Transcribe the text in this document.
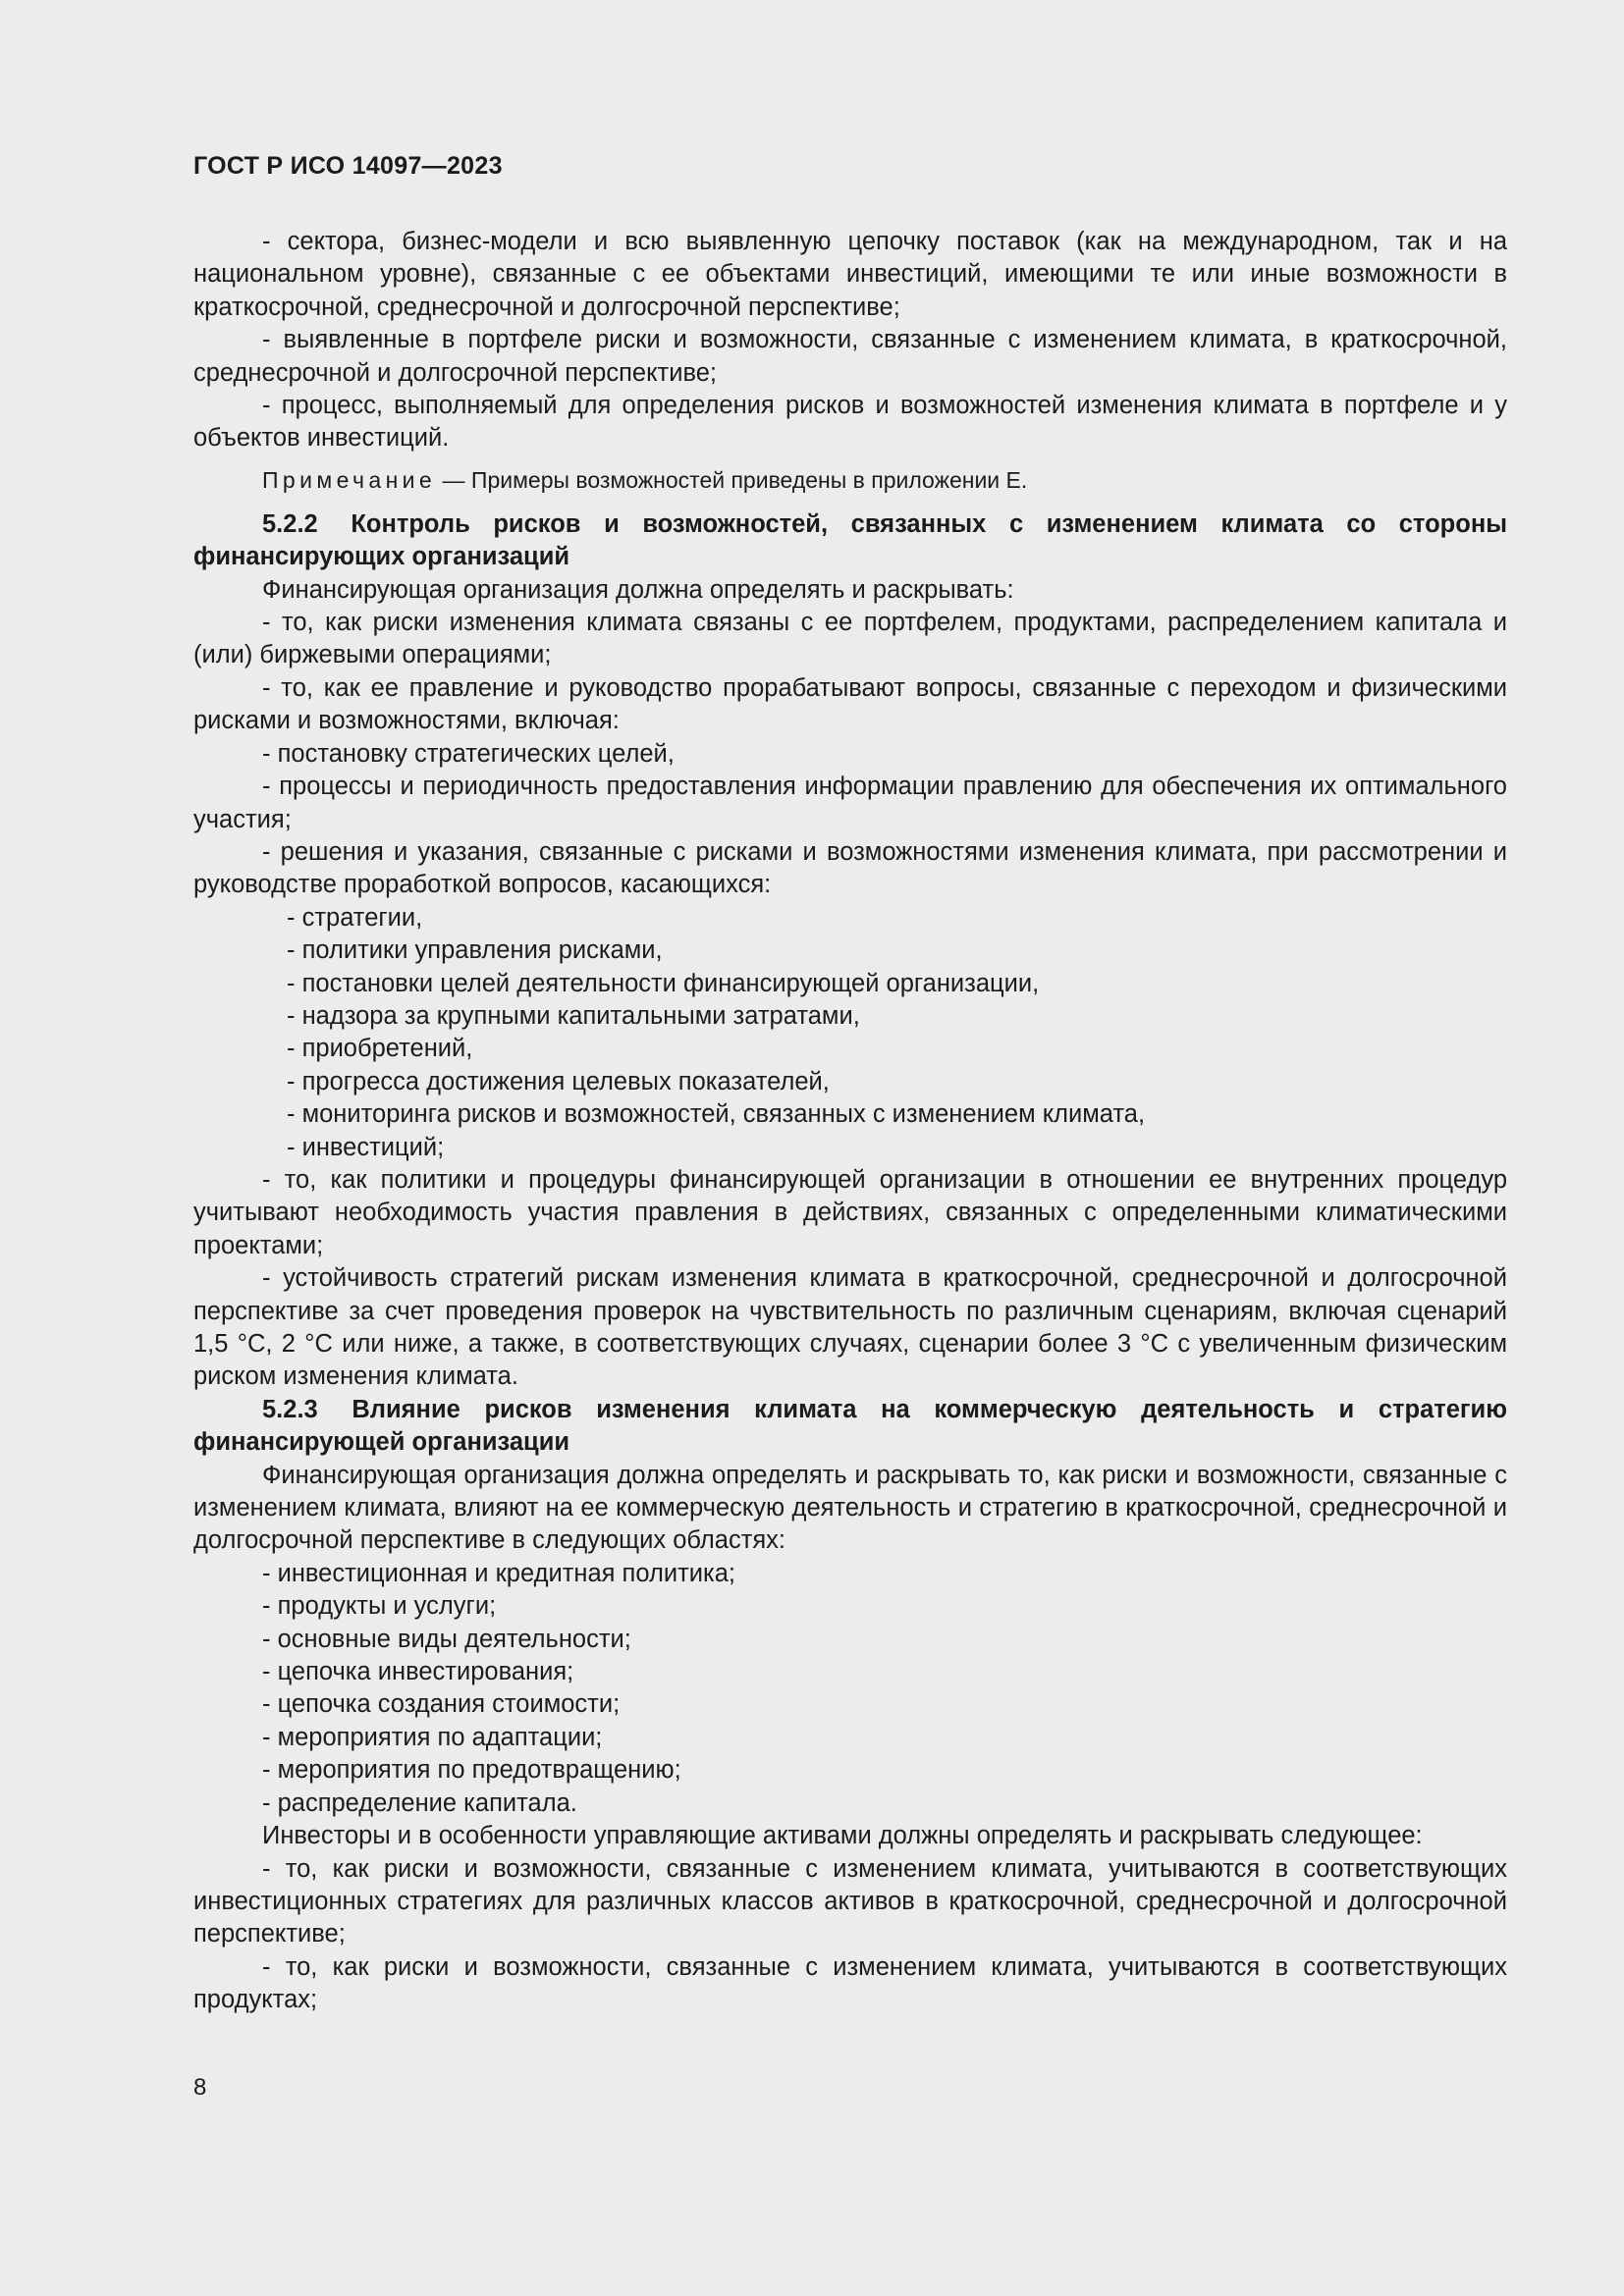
ГОСТ Р ИСО 14097—2023

- сектора, бизнес-модели и всю выявленную цепочку поставок (как на международном, так и на национальном уровне), связанные с ее объектами инвестиций, имеющими те или иные возможности в краткосрочной, среднесрочной и долгосрочной перспективе;

- выявленные в портфеле риски и возможности, связанные с изменением климата, в краткосрочной, среднесрочной и долгосрочной перспективе;

- процесс, выполняемый для определения рисков и возможностей изменения климата в портфеле и у объектов инвестиций.

Примечание — Примеры возможностей приведены в приложении Е.

5.2.2 Контроль рисков и возможностей, связанных с изменением климата со стороны финансирующих организаций

Финансирующая организация должна определять и раскрывать:

- то, как риски изменения климата связаны с ее портфелем, продуктами, распределением капитала и (или) биржевыми операциями;

- то, как ее правление и руководство прорабатывают вопросы, связанные с переходом и физическими рисками и возможностями, включая:

- постановку стратегических целей,

- процессы и периодичность предоставления информации правлению для обеспечения их оптимального участия;

- решения и указания, связанные с рисками и возможностями изменения климата, при рассмотрении и руководстве проработкой вопросов, касающихся:

- стратегии,

- политики управления рисками,

- постановки целей деятельности финансирующей организации,

- надзора за крупными капитальными затратами,

- приобретений,

- прогресса достижения целевых показателей,

- мониторинга рисков и возможностей, связанных с изменением климата,

- инвестиций;

- то, как политики и процедуры финансирующей организации в отношении ее внутренних процедур учитывают необходимость участия правления в действиях, связанных с определенными климатическими проектами;

- устойчивость стратегий рискам изменения климата в краткосрочной, среднесрочной и долгосрочной перспективе за счет проведения проверок на чувствительность по различным сценариям, включая сценарий 1,5 °С, 2 °С или ниже, а также, в соответствующих случаях, сценарии более 3 °С с увеличенным физическим риском изменения климата.

5.2.3 Влияние рисков изменения климата на коммерческую деятельность и стратегию финансирующей организации

Финансирующая организация должна определять и раскрывать то, как риски и возможности, связанные с изменением климата, влияют на ее коммерческую деятельность и стратегию в краткосрочной, среднесрочной и долгосрочной перспективе в следующих областях:

- инвестиционная и кредитная политика;

- продукты и услуги;

- основные виды деятельности;

- цепочка инвестирования;

- цепочка создания стоимости;

- мероприятия по адаптации;

- мероприятия по предотвращению;

- распределение капитала.

Инвесторы и в особенности управляющие активами должны определять и раскрывать следующее:

- то, как риски и возможности, связанные с изменением климата, учитываются в соответствующих инвестиционных стратегиях для различных классов активов в краткосрочной, среднесрочной и долгосрочной перспективе;

- то, как риски и возможности, связанные с изменением климата, учитываются в соответствующих продуктах;

8
